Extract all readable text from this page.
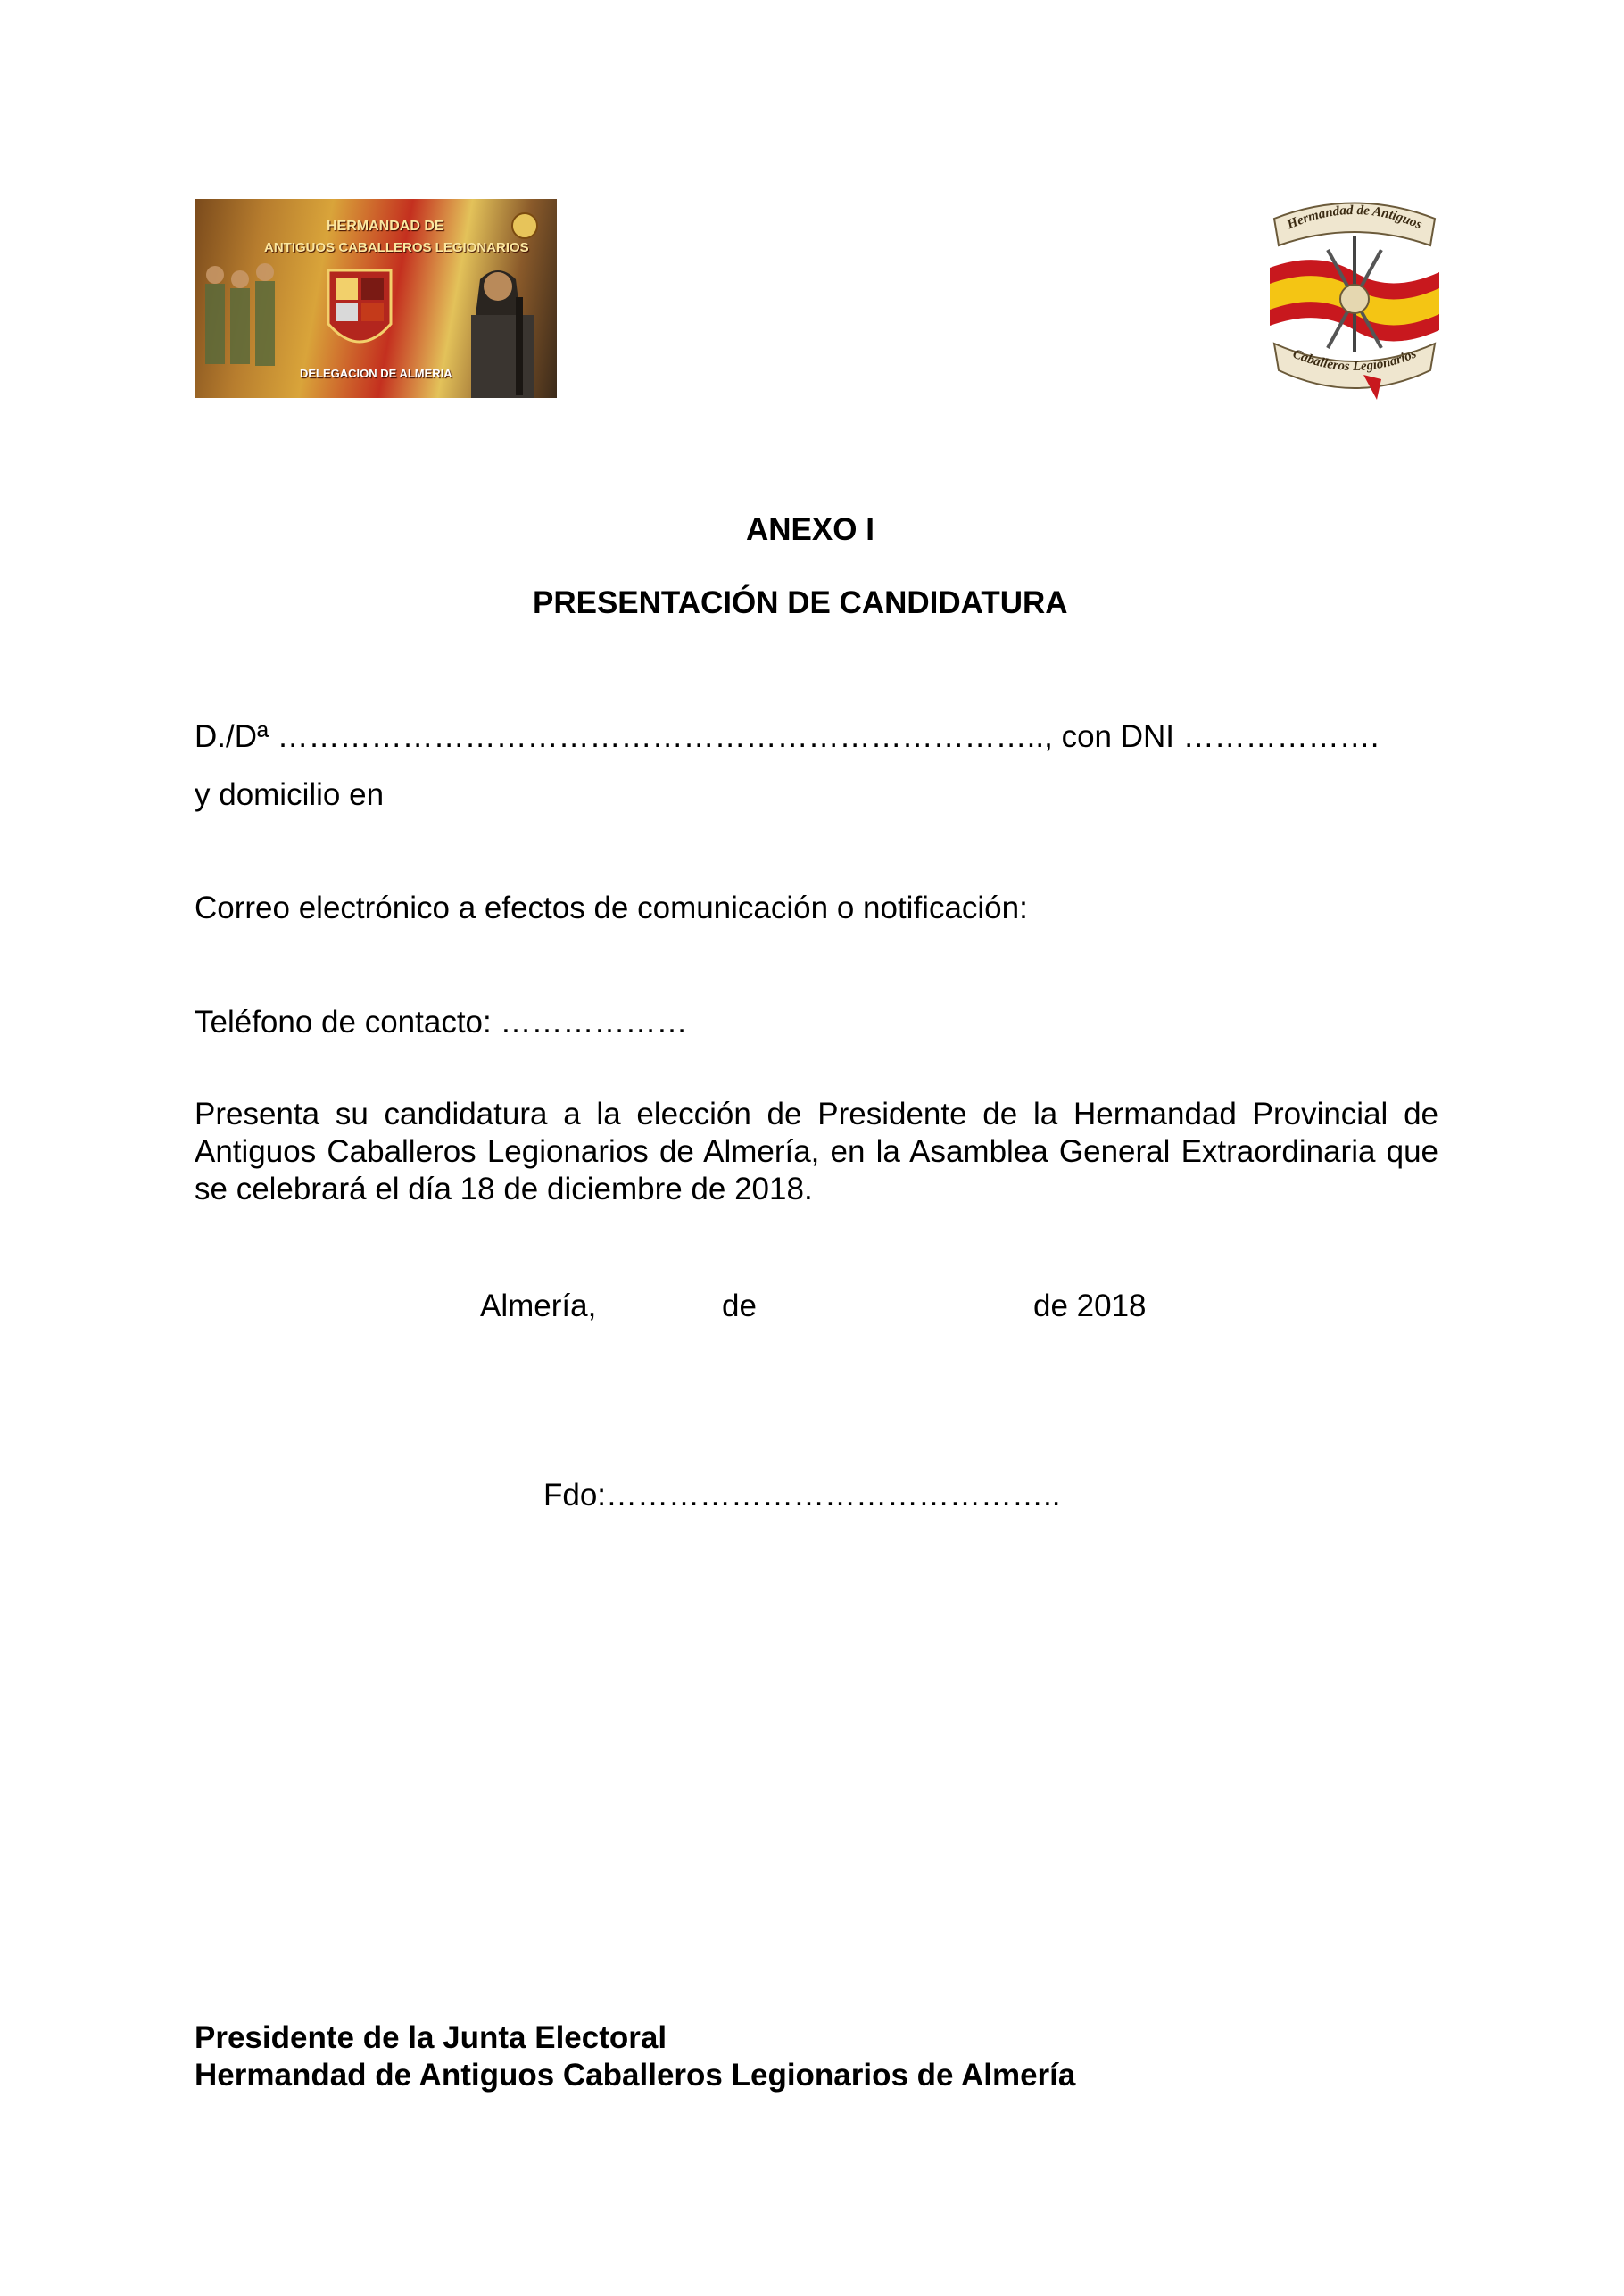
HERMANDAD DE
ANTIGUOS CABALLEROS LEGIONARIOS
DELEGACION DE ALMERIA
Hermandad de Antiguos
Caballeros Legionarios
ANEXO I
PRESENTACIÓN DE CANDIDATURA
D./Dª ……………………………………………………………….., con DNI ……………….
y domicilio en
Correo electrónico a efectos de comunicación o notificación:
Teléfono de contacto: ………………
Presenta su candidatura a la elección de Presidente de la Hermandad Provincial de Antiguos Caballeros Legionarios de Almería, en la Asamblea General Extraordinaria que se celebrará el día 18 de diciembre de 2018.
Almería,	de	de 2018
Fdo:……………………………………..
Presidente de la Junta Electoral
Hermandad de Antiguos Caballeros Legionarios de Almería
